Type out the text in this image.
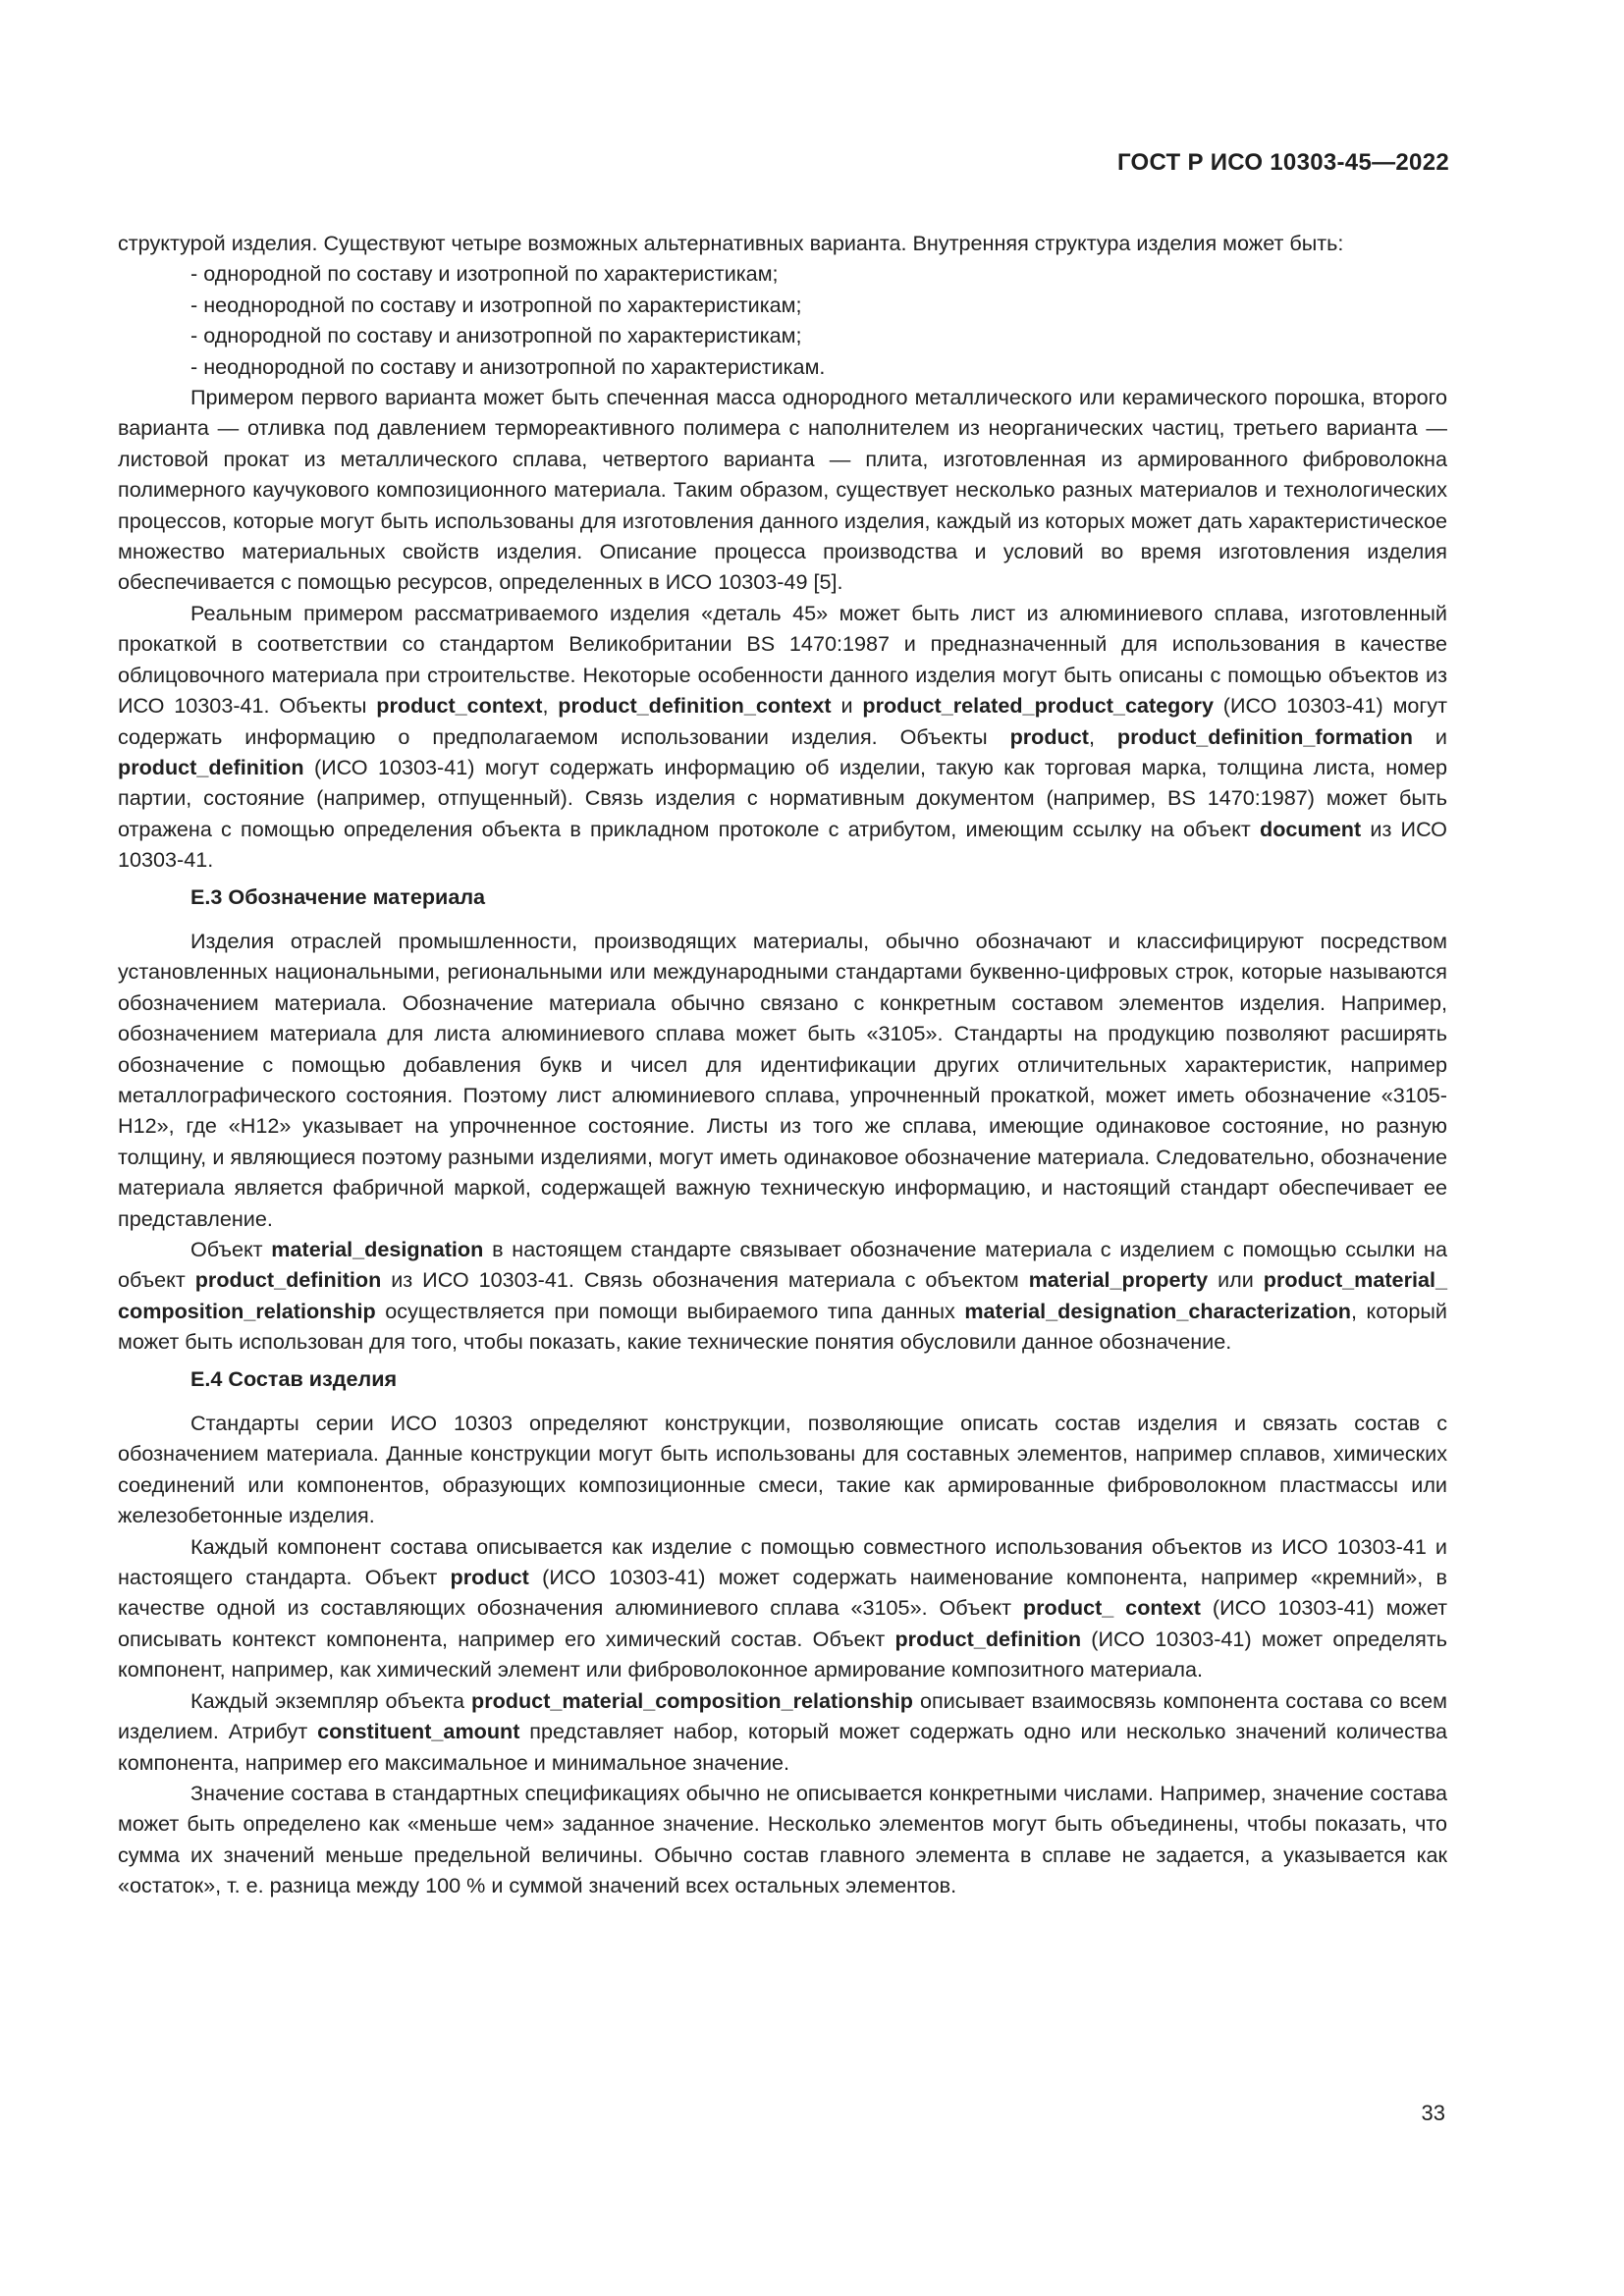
ГОСТ Р ИСО 10303-45—2022

структурой изделия. Существуют четыре возможных альтернативных варианта. Внутренняя структура изделия может быть:

- однородной по составу и изотропной по характеристикам;
- неоднородной по составу и изотропной по характеристикам;
- однородной по составу и анизотропной по характеристикам;
- неоднородной по составу и анизотропной по характеристикам.

Примером первого варианта может быть спеченная масса однородного металлического или керамического порошка, второго варианта — отливка под давлением термореактивного полимера с наполнителем из неорганических частиц, третьего варианта — листовой прокат из металлического сплава, четвертого варианта — плита, изготовленная из армированного фиброволокна полимерного каучукового композиционного материала. Таким образом, существует несколько разных материалов и технологических процессов, которые могут быть использованы для изготовления данного изделия, каждый из которых может дать характеристическое множество материальных свойств изделия. Описание процесса производства и условий во время изготовления изделия обеспечивается с помощью ресурсов, определенных в ИСО 10303-49 [5].

Реальным примером рассматриваемого изделия «деталь 45» может быть лист из алюминиевого сплава, изготовленный прокаткой в соответствии со стандартом Великобритании BS 1470:1987 и предназначенный для использования в качестве облицовочного материала при строительстве. Некоторые особенности данного изделия могут быть описаны с помощью объектов из ИСО 10303-41. Объекты product_context, product_definition_context и product_related_product_category (ИСО 10303-41) могут содержать информацию о предполагаемом использовании изделия. Объекты product, product_definition_formation и product_definition (ИСО 10303-41) могут содержать информацию об изделии, такую как торговая марка, толщина листа, номер партии, состояние (например, отпущенный). Связь изделия с нормативным документом (например, BS 1470:1987) может быть отражена с помощью определения объекта в прикладном протоколе с атрибутом, имеющим ссылку на объект document из ИСО 10303-41.

E.3 Обозначение материала

Изделия отраслей промышленности, производящих материалы, обычно обозначают и классифицируют посредством установленных национальными, региональными или международными стандартами буквенно-цифровых строк, которые называются обозначением материала. Обозначение материала обычно связано с конкретным составом элементов изделия. Например, обозначением материала для листа алюминиевого сплава может быть «3105». Стандарты на продукцию позволяют расширять обозначение с помощью добавления букв и чисел для идентификации других отличительных характеристик, например металлографического состояния. Поэтому лист алюминиевого сплава, упрочненный прокаткой, может иметь обозначение «3105-H12», где «H12» указывает на упрочненное состояние. Листы из того же сплава, имеющие одинаковое состояние, но разную толщину, и являющиеся поэтому разными изделиями, могут иметь одинаковое обозначение материала. Следовательно, обозначение материала является фабричной маркой, содержащей важную техническую информацию, и настоящий стандарт обеспечивает ее представление.

Объект material_designation в настоящем стандарте связывает обозначение материала с изделием с помощью ссылки на объект product_definition из ИСО 10303-41. Связь обозначения материала с объектом material_property или product_material_ composition_relationship осуществляется при помощи выбираемого типа данных material_designation_characterization, который может быть использован для того, чтобы показать, какие технические понятия обусловили данное обозначение.

E.4 Состав изделия

Стандарты серии ИСО 10303 определяют конструкции, позволяющие описать состав изделия и связать состав с обозначением материала. Данные конструкции могут быть использованы для составных элементов, например сплавов, химических соединений или компонентов, образующих композиционные смеси, такие как армированные фиброволокном пластмассы или железобетонные изделия.

Каждый компонент состава описывается как изделие с помощью совместного использования объектов из ИСО 10303-41 и настоящего стандарта. Объект product (ИСО 10303-41) может содержать наименование компонента, например «кремний», в качестве одной из составляющих обозначения алюминиевого сплава «3105». Объект product_ context (ИСО 10303-41) может описывать контекст компонента, например его химический состав. Объект product_definition (ИСО 10303-41) может определять компонент, например, как химический элемент или фиброволоконное армирование композитного материала.

Каждый экземпляр объекта product_material_composition_relationship описывает взаимосвязь компонента состава со всем изделием. Атрибут constituent_amount представляет набор, который может содержать одно или несколько значений количества компонента, например его максимальное и минимальное значение.

Значение состава в стандартных спецификациях обычно не описывается конкретными числами. Например, значение состава может быть определено как «меньше чем» заданное значение. Несколько элементов могут быть объединены, чтобы показать, что сумма их значений меньше предельной величины. Обычно состав главного элемента в сплаве не задается, а указывается как «остаток», т. е. разница между 100 % и суммой значений всех остальных элементов.

33
